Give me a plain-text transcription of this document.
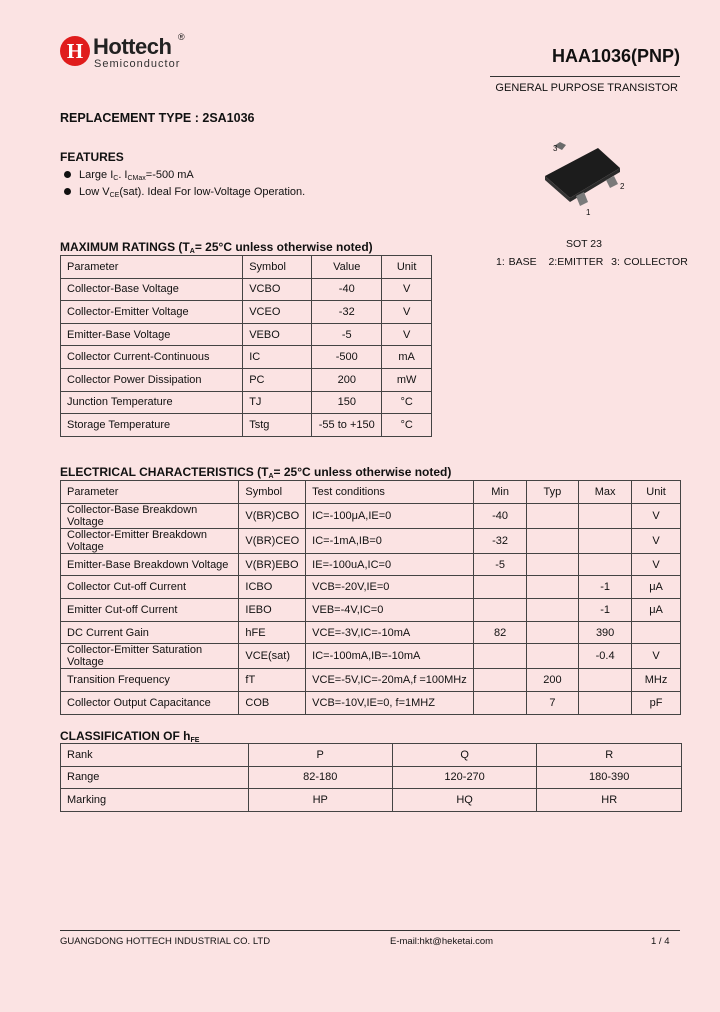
H Hottech ®
Semiconductor	HAA1036(PNP)
GENERAL PURPOSE TRANSISTOR
REPLACEMENT TYPE : 2SA1036
FEATURES
Large $I_C$. $I_{CMax}=-500$ mA
Low $V_{CE}(sat)$. Ideal For low-Voltage Operation.
3
2
1
SOT 23
1: BASE   2:EMITTER  3: COLLECTOR
MAXIMUM RATINGS ($T_A= 25^\circ C$ unless otherwise noted)
Parameter	Symbol	Value	Unit
Collector-Base Voltage	VCBO	-40	V
Collector-Emitter Voltage	VCEO	-32	V
Emitter-Base Voltage	VEBO	-5	V
Collector Current-Continuous	IC	-500	mA
Collector Power Dissipation	PC	200	mW
Junction Temperature	TJ	150	°C
Storage Temperature	Tstg	-55 to +150	°C
ELECTRICAL CHARACTERISTICS ($T_A= 25^\circ C$ unless otherwise noted)
Parameter	Symbol	Test conditions	Min	Typ	Max	Unit
Collector-Base Breakdown Voltage	V(BR)CBO	IC=-100μA,IE=0	-40			V
Collector-Emitter Breakdown Voltage	V(BR)CEO	IC=-1mA,IB=0	-32			V
Emitter-Base Breakdown Voltage	V(BR)EBO	IE=-100uA,IC=0	-5			V
Collector Cut-off Current	ICBO	VCB=-20V,IE=0			-1	μA
Emitter Cut-off Current	IEBO	VEB=-4V,IC=0			-1	μA
DC Current Gain	hFE	VCE=-3V,IC=-10mA	82		390	
Collector-Emitter Saturation Voltage	VCE(sat)	IC=-100mA,IB=-10mA			-0.4	V
Transition Frequency	fT	VCE=-5V,IC=-20mA,f =100MHz		200		MHz
Collector Output Capacitance	COB	VCB=-10V,IE=0, f=1MHZ		7		pF
CLASSIFICATION OF $h_{FE}$
Rank	P	Q	R
Range	82-180	120-270	180-390
Marking	HP	HQ	HR
GUANGDONG HOTTECH INDUSTRIAL CO. LTD	E-mail:hkt@heketai.com	1 / 4
